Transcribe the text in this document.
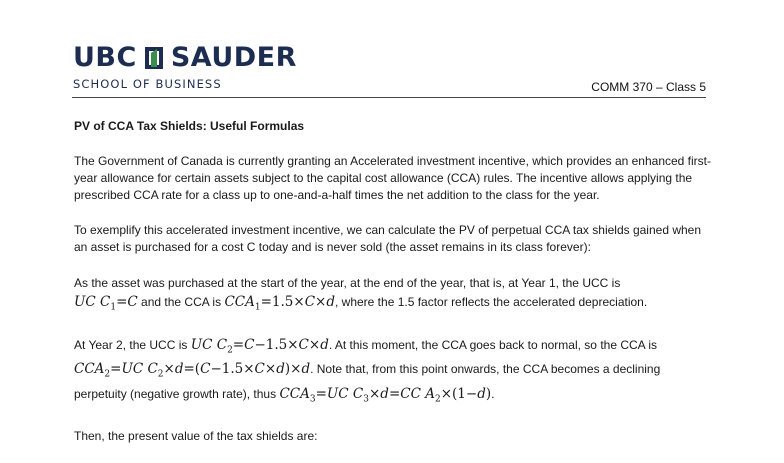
UBC SAUDER
SCHOOL OF BUSINESS	COMM 370 – Class 5
PV of CCA Tax Shields: Useful Formulas

The Government of Canada is currently granting an Accelerated investment incentive, which provides an enhanced first-year allowance for certain assets subject to the capital cost allowance (CCA) rules. The incentive allows applying the prescribed CCA rate for a class up to one-and-a-half times the net addition to the class for the year.

To exemplify this accelerated investment incentive, we can calculate the PV of perpetual CCA tax shields gained when an asset is purchased for a cost C today and is never sold (the asset remains in its class forever):

As the asset was purchased at the start of the year, at the end of the year, that is, at Year 1, the UCC is
UC $C_1=C$ and the CCA is $CCA_1=1.5\times C\times d$, where the 1.5 factor reflects the accelerated depreciation.

At Year 2, the UCC is UC $C_2=C-1.5\times C\times d$. At this moment, the CCA goes back to normal, so the CCA is
$CCA_2=UC$ $C_2\times d=(C-1.5\times C\times d)\times d$. Note that, from this point onwards, the CCA becomes a declining perpetuity (negative growth rate), thus $CCA_3=UC$ $C_3\times d=CC$ $A_2\times(1-d)$.

Then, the present value of the tax shields are:
